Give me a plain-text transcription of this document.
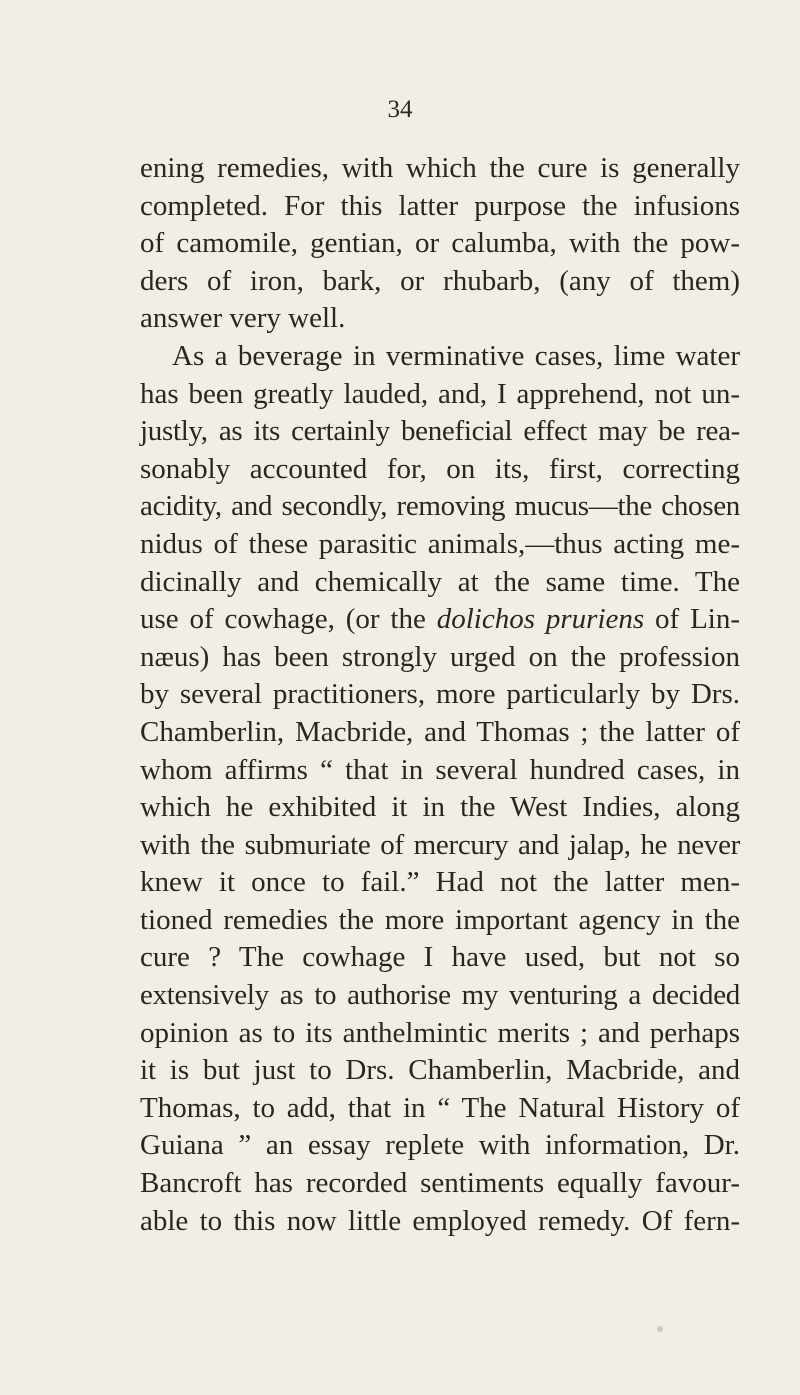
34
ening remedies, with which the cure is generally
completed. For this latter purpose the infusions
of camomile, gentian, or calumba, with the pow-
ders of iron, bark, or rhubarb, (any of them)
answer very well.
As a beverage in verminative cases, lime water
has been greatly lauded, and, I apprehend, not un-
justly, as its certainly beneficial effect may be rea-
sonably accounted for, on its, first, correcting
acidity, and secondly, removing mucus—the chosen
nidus of these parasitic animals,—thus acting me-
dicinally and chemically at the same time. The
use of cowhage, (or the dolichos pruriens of Lin-
næus) has been strongly urged on the profession
by several practitioners, more particularly by Drs.
Chamberlin, Macbride, and Thomas ; the latter of
whom affirms “ that in several hundred cases, in
which he exhibited it in the West Indies, along
with the submuriate of mercury and jalap, he never
knew it once to fail.” Had not the latter men-
tioned remedies the more important agency in the
cure ? The cowhage I have used, but not so
extensively as to authorise my venturing a decided
opinion as to its anthelmintic merits ; and perhaps
it is but just to Drs. Chamberlin, Macbride, and
Thomas, to add, that in “ The Natural History of
Guiana ” an essay replete with information, Dr.
Bancroft has recorded sentiments equally favour-
able to this now little employed remedy. Of fern-
